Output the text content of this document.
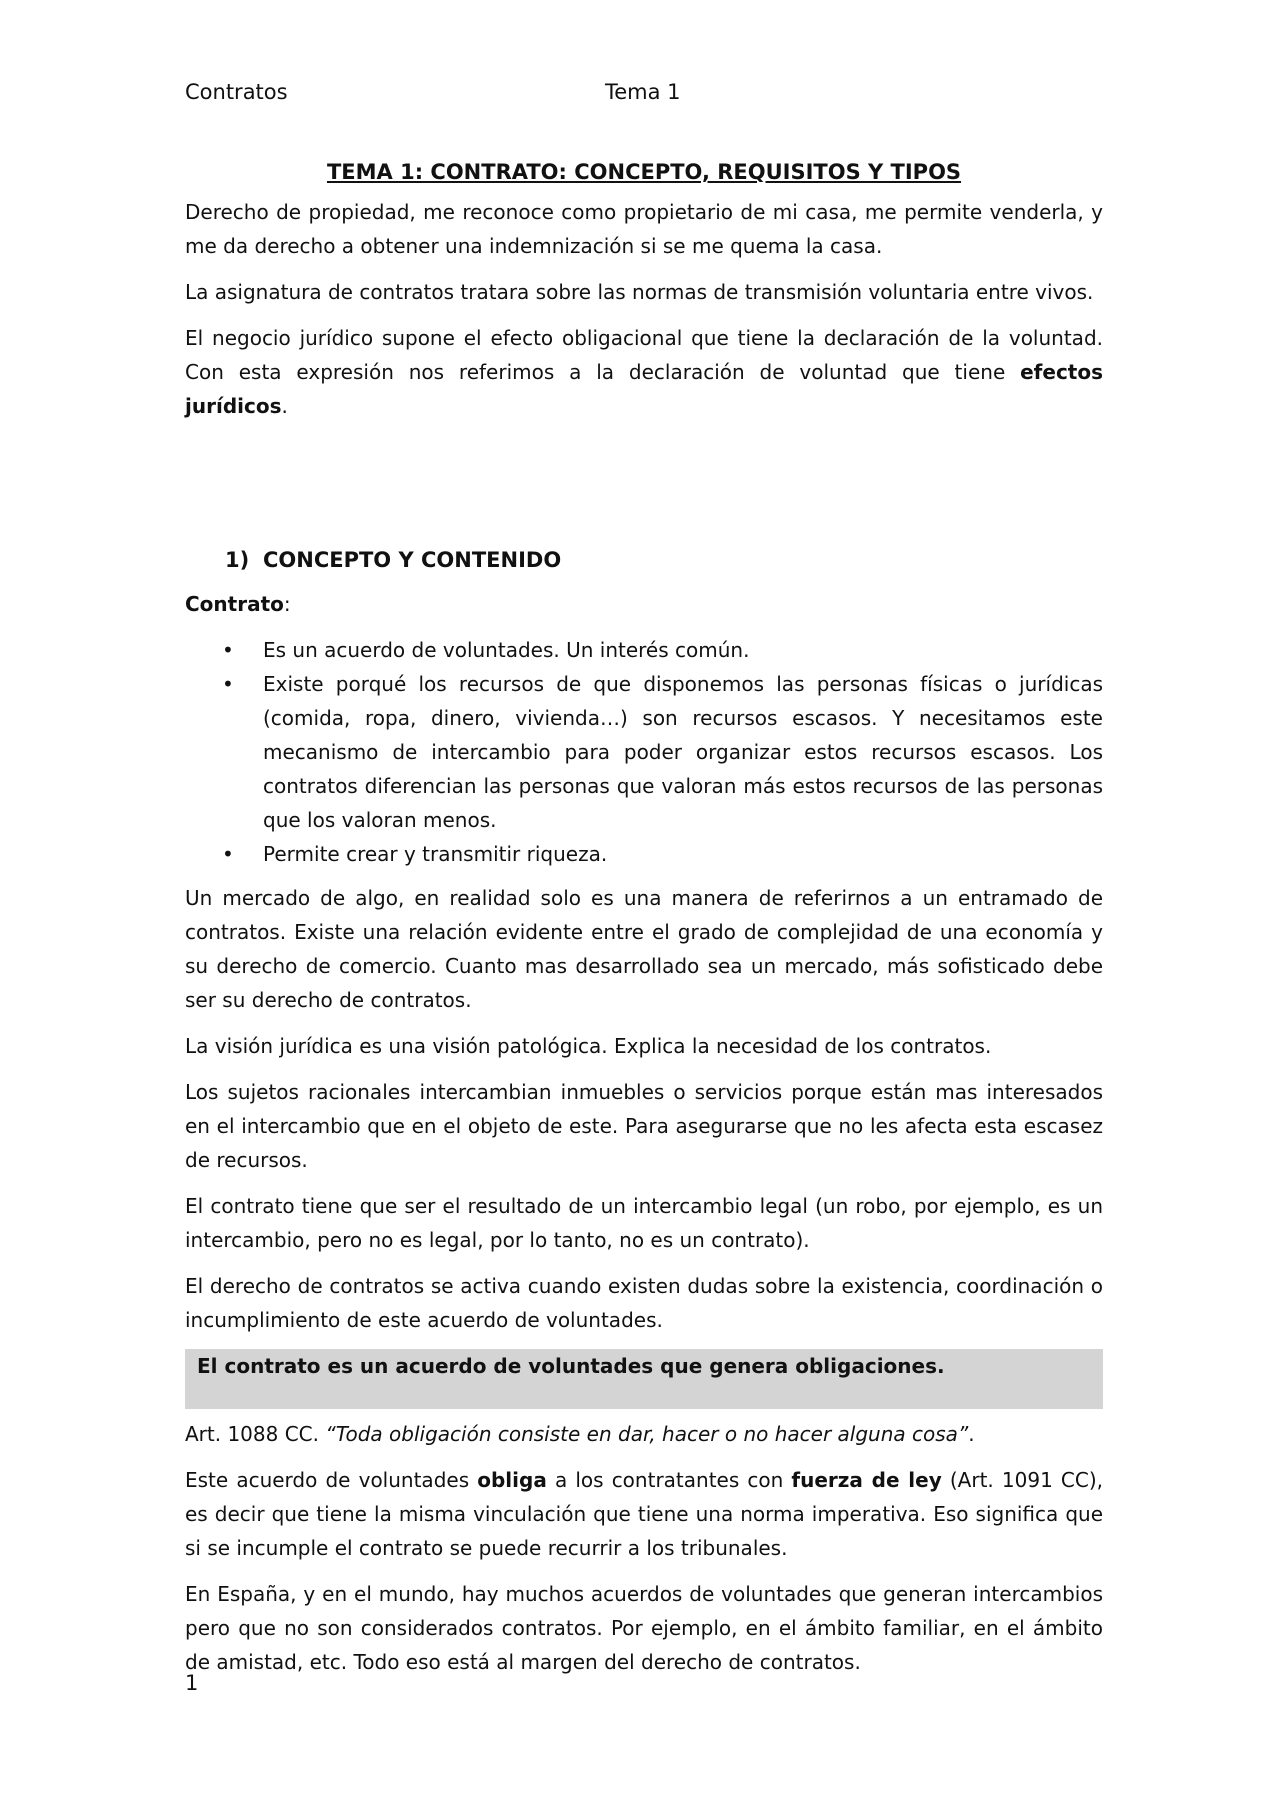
Contratos	Tema 1
TEMA 1: CONTRATO: CONCEPTO, REQUISITOS Y TIPOS

Derecho de propiedad, me reconoce como propietario de mi casa, me permite venderla, y me da derecho a obtener una indemnización si se me quema la casa.

La asignatura de contratos tratara sobre las normas de transmisión voluntaria entre vivos.

El negocio jurídico supone el efecto obligacional que tiene la declaración de la voluntad. Con esta expresión nos referimos a la declaración de voluntad que tiene efectos jurídicos.

1) CONCEPTO Y CONTENIDO

Contrato:

• Es un acuerdo de voluntades. Un interés común.
• Existe porqué los recursos de que disponemos las personas físicas o jurídicas (comida, ropa, dinero, vivienda…) son recursos escasos. Y necesitamos este mecanismo de intercambio para poder organizar estos recursos escasos. Los contratos diferencian las personas que valoran más estos recursos de las personas que los valoran menos.
• Permite crear y transmitir riqueza.

Un mercado de algo, en realidad solo es una manera de referirnos a un entramado de contratos. Existe una relación evidente entre el grado de complejidad de una economía y su derecho de comercio. Cuanto mas desarrollado sea un mercado, más sofisticado debe ser su derecho de contratos.

La visión jurídica es una visión patológica. Explica la necesidad de los contratos.

Los sujetos racionales intercambian inmuebles o servicios porque están mas interesados en el intercambio que en el objeto de este. Para asegurarse que no les afecta esta escasez de recursos.

El contrato tiene que ser el resultado de un intercambio legal (un robo, por ejemplo, es un intercambio, pero no es legal, por lo tanto, no es un contrato).

El derecho de contratos se activa cuando existen dudas sobre la existencia, coordinación o incumplimiento de este acuerdo de voluntades.

El contrato es un acuerdo de voluntades que genera obligaciones.

Art. 1088 CC. “Toda obligación consiste en dar, hacer o no hacer alguna cosa”.

Este acuerdo de voluntades obliga a los contratantes con fuerza de ley (Art. 1091 CC), es decir que tiene la misma vinculación que tiene una norma imperativa. Eso significa que si se incumple el contrato se puede recurrir a los tribunales.

En España, y en el mundo, hay muchos acuerdos de voluntades que generan intercambios pero que no son considerados contratos. Por ejemplo, en el ámbito familiar, en el ámbito de amistad, etc. Todo eso está al margen del derecho de contratos.

1
